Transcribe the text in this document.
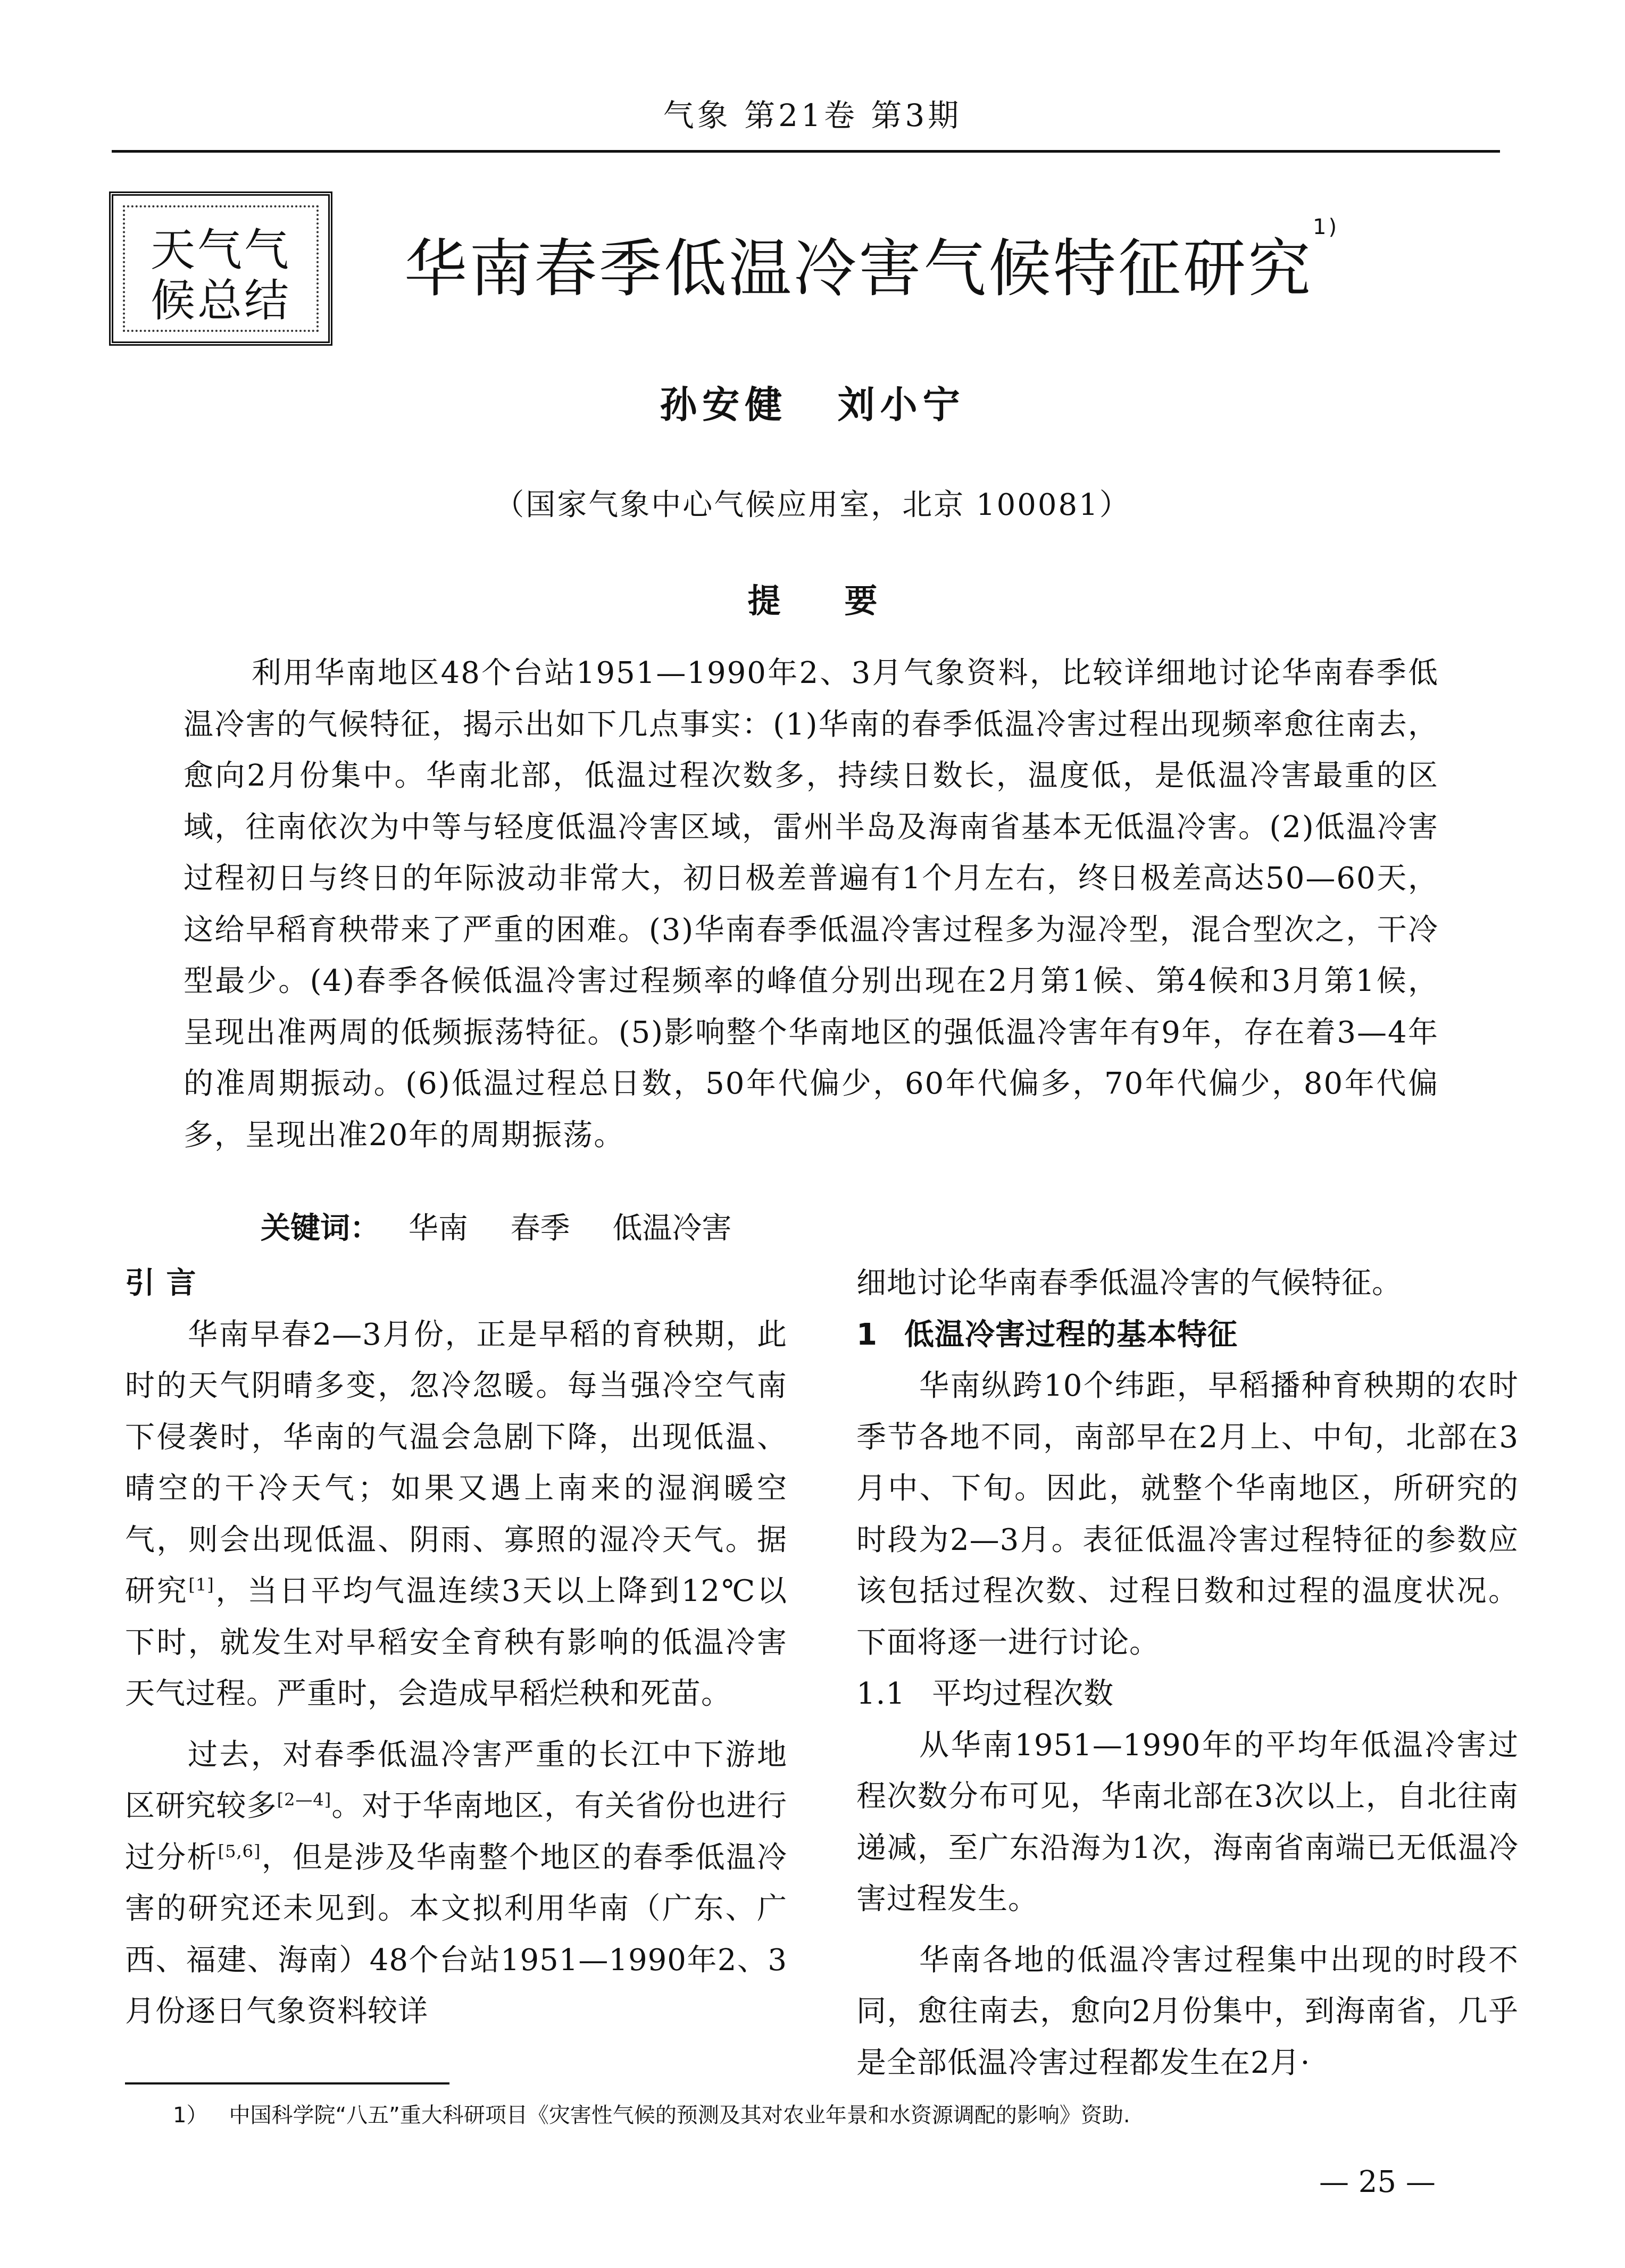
气象 第21卷 第3期
天气气
候总结	华南春季低温冷害气候特征研究$^{1)}$
孙安健 刘小宁
（国家气象中心气候应用室，北京 100081）
提要

利用华南地区48个台站1951—1990年2、3月气象资料，比较详细地讨论华南春季低温冷害的气候特征，揭示出如下几点事实：(1)华南的春季低温冷害过程出现频率愈往南去，愈向2月份集中。华南北部，低温过程次数多，持续日数长，温度低，是低温冷害最重的区域，往南依次为中等与轻度低温冷害区域，雷州半岛及海南省基本无低温冷害。(2)低温冷害过程初日与终日的年际波动非常大，初日极差普遍有1个月左右，终日极差高达50—60天，这给早稻育秧带来了严重的困难。(3)华南春季低温冷害过程多为湿冷型，混合型次之，干冷型最少。(4)春季各候低温冷害过程频率的峰值分别出现在2月第1候、第4候和3月第1候，呈现出准两周的低频振荡特征。(5)影响整个华南地区的强低温冷害年有9年，存在着3—4年的准周期振动。(6)低温过程总日数，50年代偏少，60年代偏多，70年代偏少，80年代偏多，呈现出准20年的周期振荡。

关键词： 华南 春季 低温冷害
引 言

华南早春2—3月份，正是早稻的育秧期，此时的天气阴晴多变，忽冷忽暖。每当强冷空气南下侵袭时，华南的气温会急剧下降，出现低温、晴空的干冷天气；如果又遇上南来的湿润暖空气，则会出现低温、阴雨、寡照的湿冷天气。据研究[1]，当日平均气温连续3天以上降到12℃以下时，就发生对早稻安全育秧有影响的低温冷害天气过程。严重时，会造成早稻烂秧和死苗。

过去，对春季低温冷害严重的长江中下游地区研究较多[2—4]。对于华南地区，有关省份也进行过分析[5,6]，但是涉及华南整个地区的春季低温冷害的研究还未见到。本文拟利用华南（广东、广西、福建、海南）48个台站1951—1990年2、3月份逐日气象资料较详

细地讨论华南春季低温冷害的气候特征。

1 低温冷害过程的基本特征

华南纵跨10个纬距，早稻播种育秧期的农时季节各地不同，南部早在2月上、中旬，北部在3月中、下旬。因此，就整个华南地区，所研究的时段为2—3月。表征低温冷害过程特征的参数应该包括过程次数、过程日数和过程的温度状况。下面将逐一进行讨论。

1.1 平均过程次数

从华南1951—1990年的平均年低温冷害过程次数分布可见，华南北部在3次以上，自北往南递减，至广东沿海为1次，海南省南端已无低温冷害过程发生。

华南各地的低温冷害过程集中出现的时段不同，愈往南去，愈向2月份集中，到海南省，几乎是全部低温冷害过程都发生在2月·

1） 中国科学院“八五”重大科研项目《灾害性气候的预测及其对农业年景和水资源调配的影响》资助.
— 25 —
